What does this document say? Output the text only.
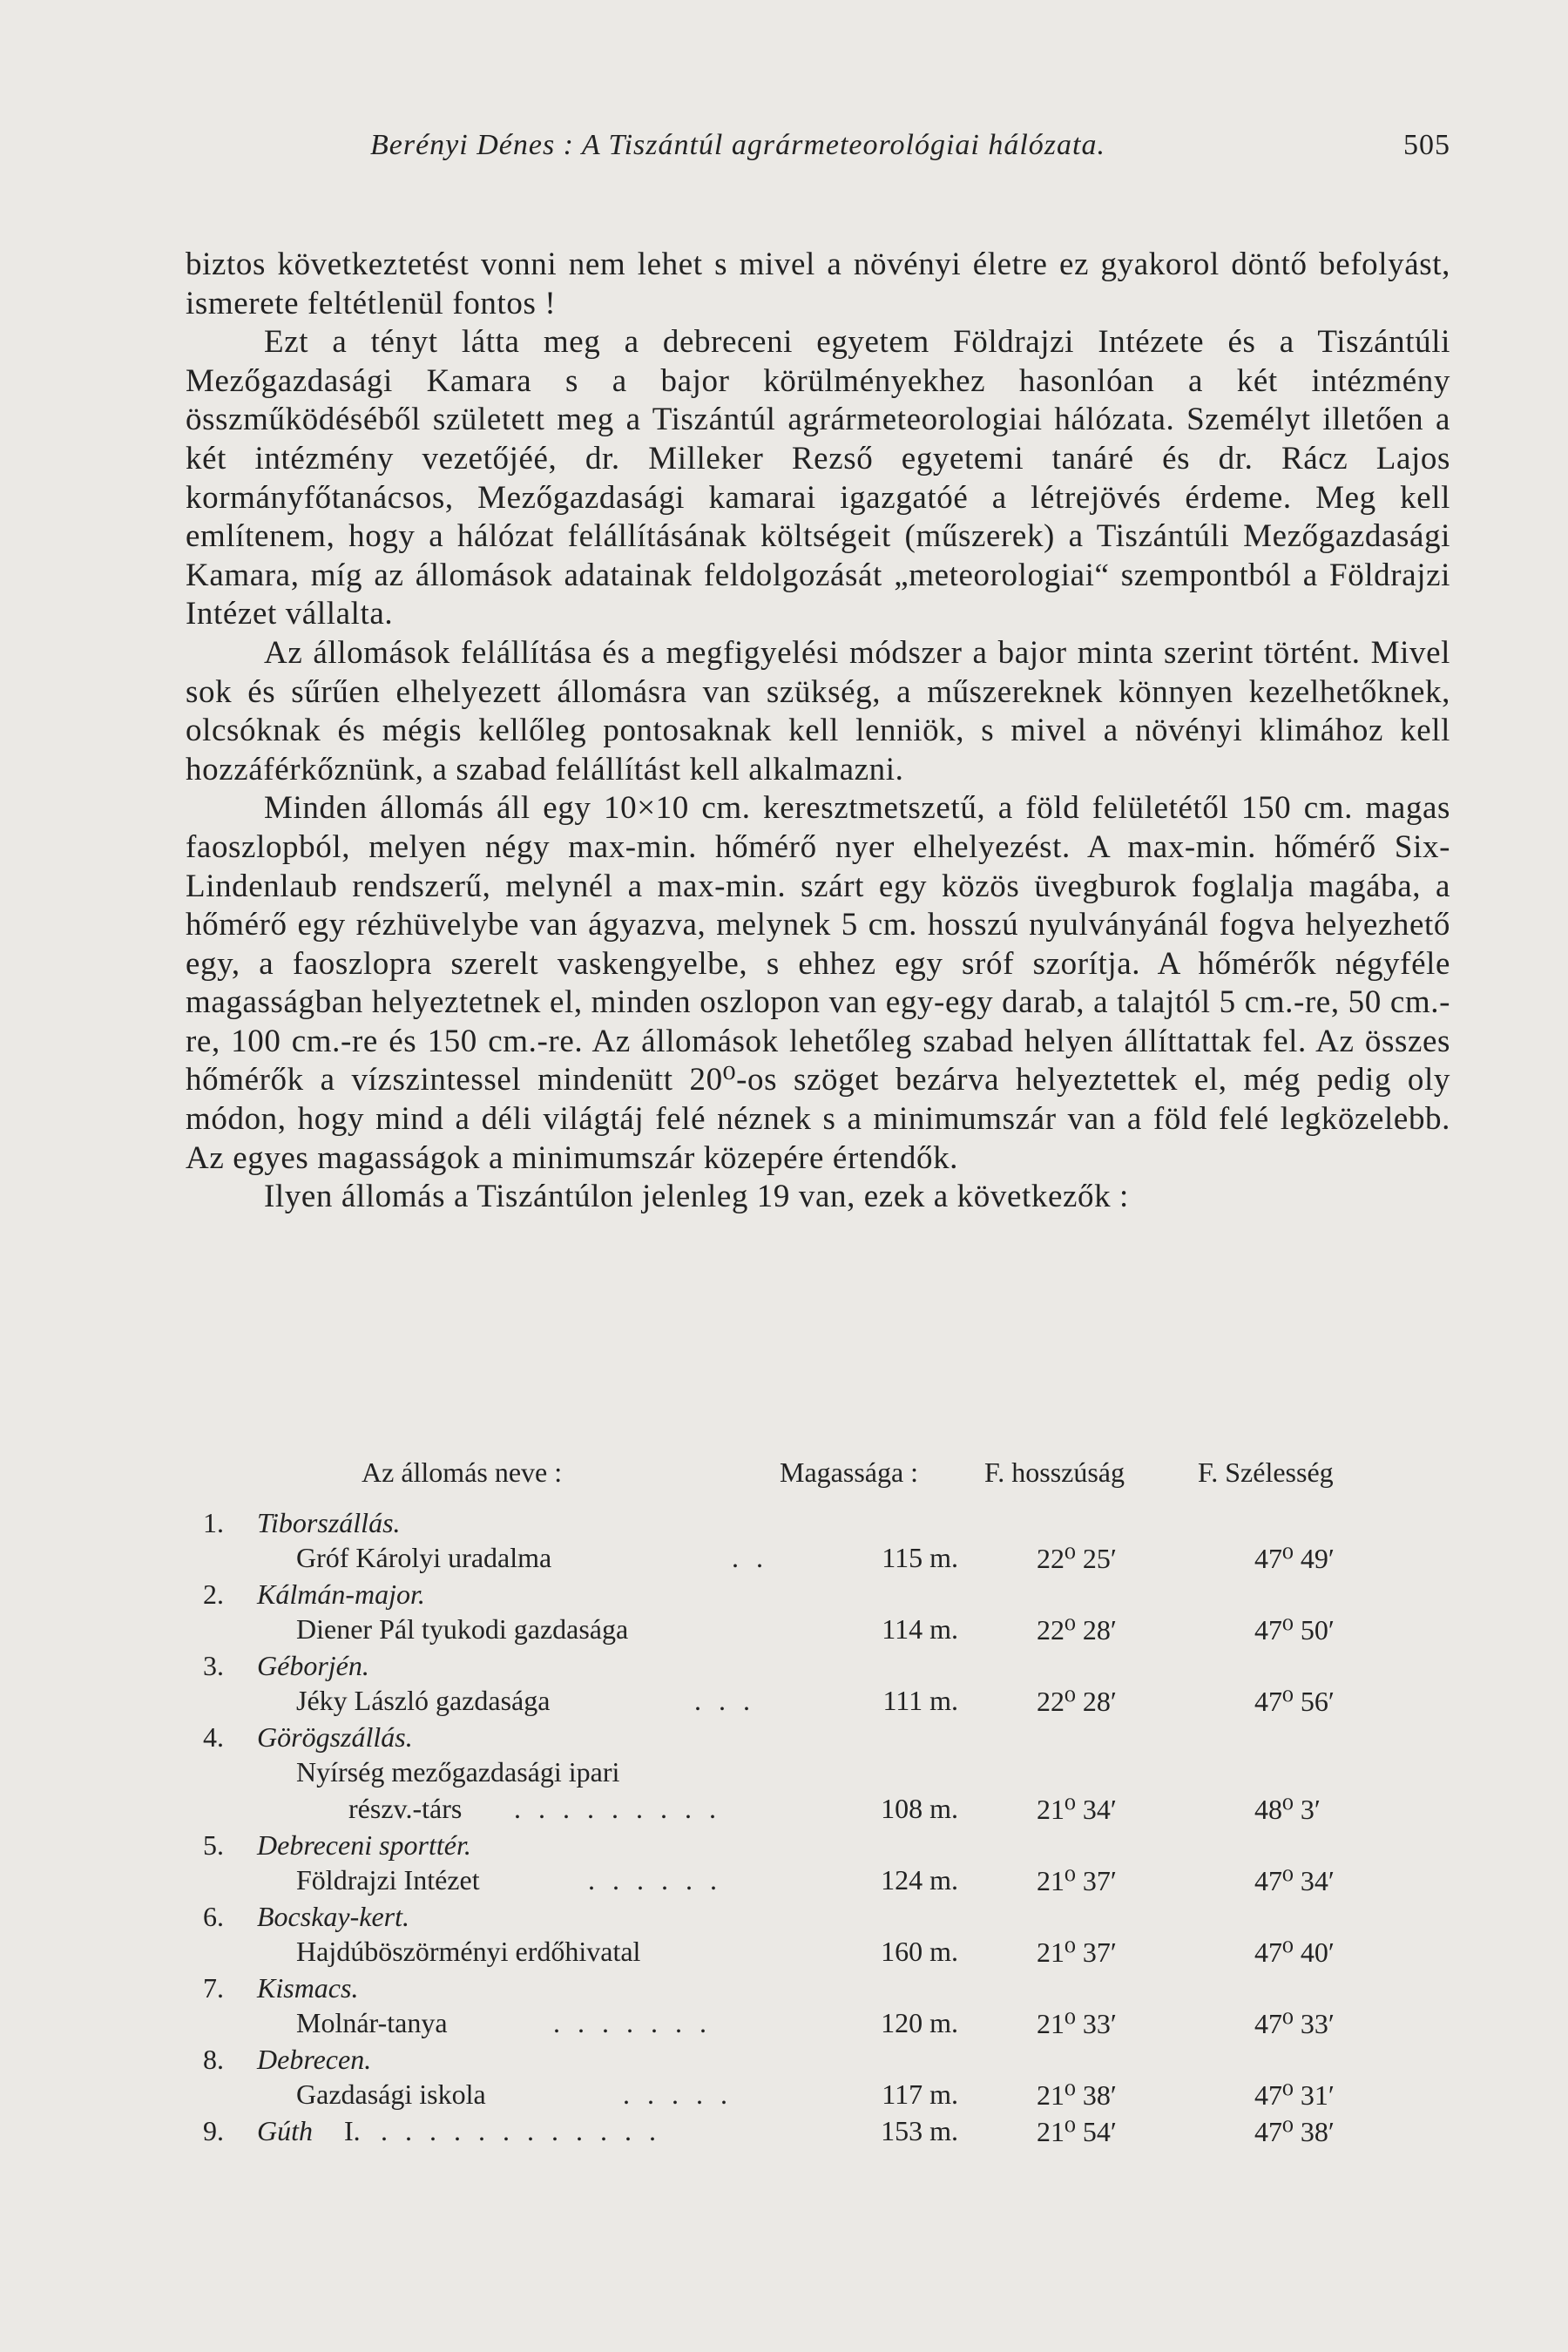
Berényi Dénes : A Tiszántúl agrármeteorológiai hálózata.	505

biztos következtetést vonni nem lehet s mivel a növényi életre ez gyakorol döntő befolyást, ismerete feltétlenül fontos !

Ezt a tényt látta meg a debreceni egyetem Földrajzi Intézete és a Tiszántúli Mezőgazdasági Kamara s a bajor körülményekhez hasonlóan a két intézmény összműködéséből született meg a Tiszántúl agrármeteorologiai hálózata. Személyt illetően a két intézmény vezetőjéé, dr. Milleker Rezső egyetemi tanáré és dr. Rácz Lajos kormányfőtanácsos, Mezőgazdasági kamarai igazgatóé a létrejövés érdeme. Meg kell említenem, hogy a hálózat felállításának költségeit (műszerek) a Tiszántúli Mezőgazdasági Kamara, míg az állomások adatainak feldolgozását „meteorologiai“ szempontból a Földrajzi Intézet vállalta.

Az állomások felállítása és a megfigyelési módszer a bajor minta szerint történt. Mivel sok és sűrűen elhelyezett állomásra van szükség, a műszereknek könnyen kezelhetőknek, olcsóknak és mégis kellőleg pontosaknak kell lenniök, s mivel a növényi klimához kell hozzáférkőznünk, a szabad felállítást kell alkalmazni.

Minden állomás áll egy 10×10 cm. keresztmetszetű, a föld felületétől 150 cm. magas faoszlopból, melyen négy max-min. hőmérő nyer elhelyezést. A max-min. hőmérő Six-Lindenlaub rendszerű, melynél a max-min. szárt egy közös üvegburok foglalja magába, a hőmérő egy rézhüvelybe van ágyazva, melynek 5 cm. hosszú nyulványánál fogva helyezhető egy, a faoszlopra szerelt vaskengyelbe, s ehhez egy sróf szorítja. A hőmérők négyféle magasságban helyeztetnek el, minden oszlopon van egy-egy darab, a talajtól 5 cm.-re, 50 cm.-re, 100 cm.-re és 150 cm.-re. Az állomások lehetőleg szabad helyen állíttattak fel. Az összes hőmérők a vízszintessel mindenütt 20⁰-os szöget bezárva helyeztettek el, még pedig oly módon, hogy mind a déli világtáj felé néznek s a minimumszár van a föld felé legközelebb. Az egyes magasságok a minimumszár közepére értendők.

Ilyen állomás a Tiszántúlon jelenleg 19 van, ezek a következők :

Az állomás neve :	Magassága : F. hosszúság	F. Szélesség
1. Tiborszállás.
Gróf Károlyi uradalma	. .	115 m.	22⁰ 25′	47⁰ 49′
2. Kálmán-major.
Diener Pál tyukodi gazdasága	114 m.	22⁰ 28′	47⁰ 50′
3. Géborjén.
Jéky László gazdasága	. . .	111 m.	22⁰ 28′	47⁰ 56′
4. Görögszállás.
Nyírség mezőgazdasági ipari
részv.-társ . . . . . . . . .	108 m.	21⁰ 34′	48⁰ 3′
5. Debreceni sporttér.
Földrajzi Intézet	. . . . . .	124 m.	21⁰ 37′	47⁰ 34′
6. Bocskay-kert.
Hajdúböszörményi erdőhivatal	160 m.	21⁰ 37′	47⁰ 40′
7. Kismacs.
Molnár-tanya	. . . . . . .	120 m.	21⁰ 33′	47⁰ 33′
8. Debrecen.
Gazdasági iskola	. . . . .	117 m.	21⁰ 38′	47⁰ 31′
9. Gúth I. . . . . . . . . . . . .	153 m.	21⁰ 54′	47⁰ 38′
